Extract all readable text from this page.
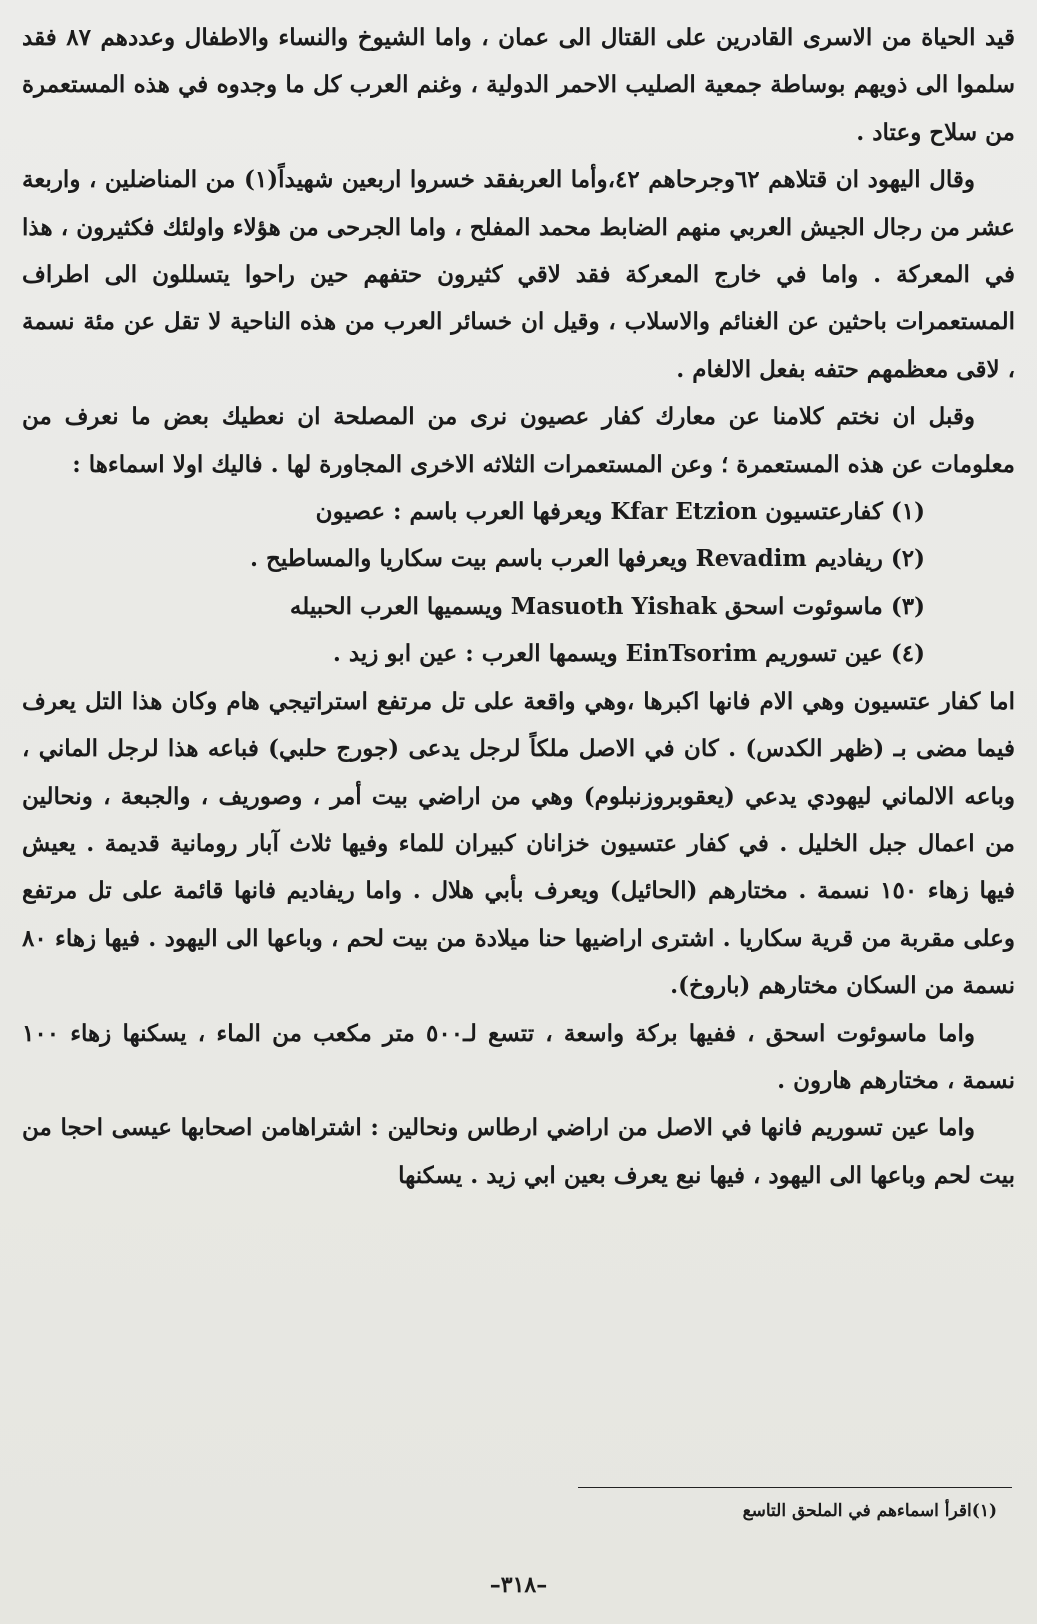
قيد الحياة من الاسرى القادرين على القتال الى عمان ، واما الشيوخ والنساء والاطفال وعددهم ٨٧ فقد سلموا الى ذويهم بوساطة جمعية الصليب الاحمر الدولية ، وغنم العرب كل ما وجدوه في هذه المستعمرة من سلاح وعتاد .

وقال اليهود ان قتلاهم ٦٢وجرحاهم ٤٢،وأما العربفقد خسروا اربعين شهيداً(١) من المناضلين ، واربعة عشر من رجال الجيش العربي منهم الضابط محمد المفلح ، واما الجرحى من هؤلاء واولئك فكثيرون ، هذا في المعركة . واما في خارج المعركة فقد لاقي كثيرون حتفهم حين راحوا يتسللون الى اطراف المستعمرات باحثين عن الغنائم والاسلاب ، وقيل ان خسائر العرب من هذه الناحية لا تقل عن مئة نسمة ، لاقى معظمهم حتفه بفعل الالغام .

وقبل ان نختم كلامنا عن معارك كفار عصيون نرى من المصلحة ان نعطيك بعض ما نعرف من معلومات عن هذه المستعمرة ؛ وعن المستعمرات الثلاثه الاخرى المجاورة لها . فاليك اولا اسماءها :

(١) كفارعتسيون Kfar Etzion ويعرفها العرب باسم : عصيون

(٢) ريفاديم Revadim ويعرفها العرب باسم بيت سكاريا والمساطيح .

(٣) ماسوئوت اسحق Masuoth Yishak ويسميها العرب الحبيله

(٤) عين تسوريم EinTsorim ويسمها العرب : عين ابو زيد .

اما كفار عتسيون وهي الام فانها اكبرها ،وهي واقعة على تل مرتفع استراتيجي هام وكان هذا التل يعرف فيما مضى بـ (ظهر الكدس) . كان في الاصل ملكاً لرجل يدعى (جورج حلبي) فباعه هذا لرجل الماني ، وباعه الالماني ليهودي يدعي (يعقوبروزنبلوم) وهي من اراضي بيت أمر ، وصوريف ، والجبعة ، ونحالين من اعمال جبل الخليل . في كفار عتسيون خزانان كبيران للماء وفيها ثلاث آبار رومانية قديمة . يعيش فيها زهاء ١٥٠ نسمة . مختارهم (الحائيل) ويعرف بأبي هلال . واما ريفاديم فانها قائمة على تل مرتفع وعلى مقربة من قرية سكاريا . اشترى اراضيها حنا ميلادة من بيت لحم ، وباعها الى اليهود . فيها زهاء ٨٠ نسمة من السكان مختارهم (باروخ).

واما ماسوئوت اسحق ، ففيها بركة واسعة ، تتسع لـ٥٠٠ متر مكعب من الماء ، يسكنها زهاء ١٠٠ نسمة ، مختارهم هارون .

واما عين تسوريم فانها في الاصل من اراضي ارطاس ونحالين : اشتراهامن اصحابها عيسى احجا من بيت لحم وباعها الى اليهود ، فيها نبع يعرف بعين ابي زيد . يسكنها

(١)اقرأ اسماءهم في الملحق التاسع
–٣١٨–
